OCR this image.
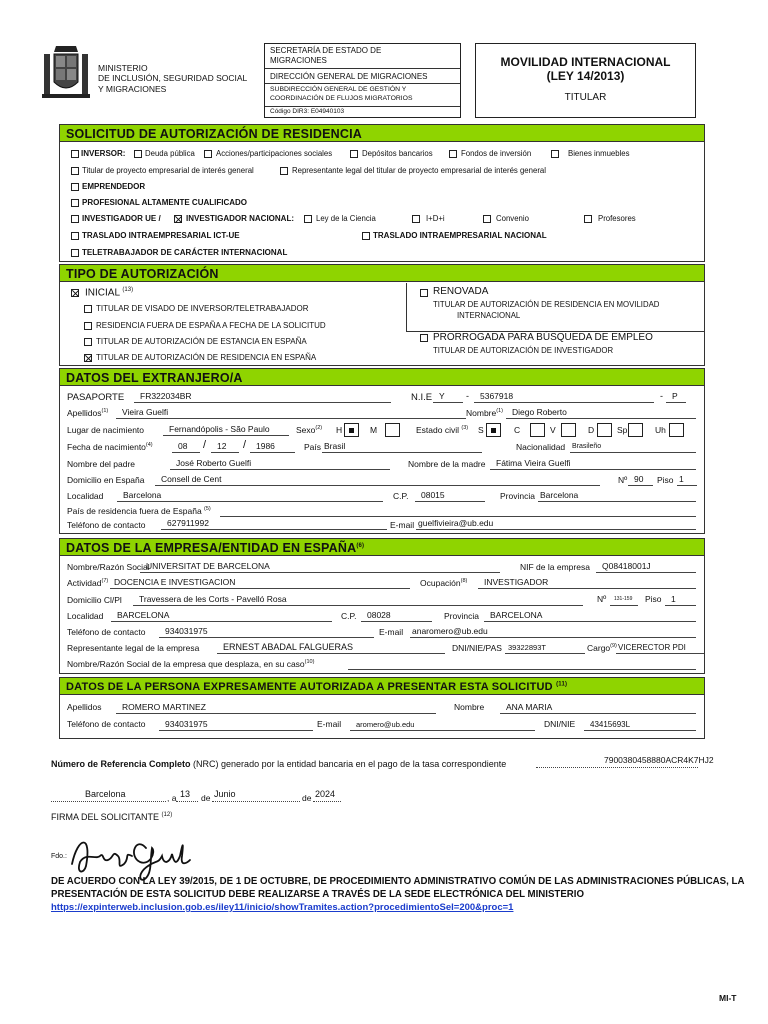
MINISTERIO
DE INCLUSIÓN, SEGURIDAD SOCIAL
Y MIGRACIONES
SECRETARÍA DE ESTADO DE
MIGRACIONES
DIRECCIÓN GENERAL DE MIGRACIONES
SUBDIRECCIÓN GENERAL DE GESTIÓN Y
COORDINACIÓN DE FLUJOS MIGRATORIOS
Código DIR3: E04940103
MOVILIDAD INTERNACIONAL
(LEY 14/2013)
TITULAR
SOLICITUD DE AUTORIZACIÓN DE RESIDENCIA
INVERSOR:	Deuda pública	Acciones/participaciones sociales	Depósitos bancarios	Fondos de inversión	Bienes inmuebles
Titular de proyecto empresarial de interés general	Representante legal del titular de proyecto empresarial de interés general
EMPRENDEDOR
PROFESIONAL ALTAMENTE CUALIFICADO
INVESTIGADOR UE /	INVESTIGADOR NACIONAL:	Ley de la Ciencia	I+D+i	Convenio	Profesores
TRASLADO INTRAEMPRESARIAL ICT-UE	TRASLADO INTRAEMPRESARIAL NACIONAL
TELETRABAJADOR DE CARÁCTER INTERNACIONAL
TIPO DE AUTORIZACIÓN
INICIAL $^{(13)}$
TITULAR DE VISADO DE INVERSOR/TELETRABAJADOR
RESIDENCIA FUERA DE ESPAÑA A FECHA DE LA SOLICITUD
TITULAR DE AUTORIZACIÓN DE ESTANCIA EN ESPAÑA
TITULAR DE AUTORIZACIÓN DE RESIDENCIA EN ESPAÑA
RENOVADA
TITULAR DE AUTORIZACIÓN DE RESIDENCIA EN MOVILIDAD
INTERNACIONAL
PRORROGADA PARA BÚSQUEDA DE EMPLEO
TITULAR DE AUTORIZACIÓN DE INVESTIGADOR
DATOS DEL EXTRANJERO/A
PASAPORTE	FR322034BR	N.I.E Y	-	5367918	-	P
Apellidos$^{(1)}$	Vieira Guelfi	Nombre$^{(1)}$	Diego Roberto
Lugar de nacimiento	Fernandópolis - São Paulo	Sexo$^{(2)}$ H	M	Estado civil $^{(3)}$ S	C	V	D	Sp	Uh
Fecha de nacimiento$^{(4)}$	08	/	12	/	1986	País Brasil	Nacionalidad Brasileño
Nombre del padre	José Roberto Guelfi	Nombre de la madre	Fátima Vieira Guelfi
Domicilio en España	Consell de Cent	Nº 90	Piso 1
Localidad	Barcelona	C.P.	08015	Provincia Barcelona
País de residencia fuera de España $^{(5)}$
Teléfono de contacto	627911992	E-mail guelfivieira@ub.edu
DATOS DE LA EMPRESA/ENTIDAD EN ESPAÑA$^{(6)}$
Nombre/Razón Social
UNIVERSITAT DE BARCELONA	NIF de la empresa	Q08418001J
Actividad$^{(7)}$ DOCENCIA E INVESTIGACION	Ocupación$^{(8)}$	INVESTIGADOR
Domicilio Cl/Pl	Travessera de les Corts - Pavelló Rosa	Nº	131-159	Piso	1
Localidad	BARCELONA	C.P.	08028	Provincia	BARCELONA
Teléfono de contacto	934031975	E-mail anaromero@ub.edu
Representante legal de la empresa	ERNEST ABADAL FALGUERAS	DNI/NIE/PAS 39322893T	Cargo$^{(9)}$ VICERECTOR PDI
Nombre/Razón Social de la empresa que desplaza, en su caso$^{(10)}$
DATOS DE LA PERSONA EXPRESAMENTE AUTORIZADA A PRESENTAR ESTA SOLICITUD $^{(11)}$
Apellidos	ROMERO MARTINEZ	Nombre	ANA MARIA
Teléfono de contacto	934031975	E-mail	aromero@ub.edu	DNI/NIE	43415693L
Número de Referencia Completo (NRC) generado por la entidad bancaria en el pago de la tasa correspondiente	7900380458880ACR4K7HJ2
Barcelona	, a 13 de Junio	de 2024
FIRMA DEL SOLICITANTE $^{(12)}$
Fdo.:
DE ACUERDO CON LA LEY 39/2015, DE 1 DE OCTUBRE, DE PROCEDIMIENTO ADMINISTRATIVO COMÚN DE LAS ADMINISTRACIONES PÚBLICAS, LA
PRESENTACIÓN DE ESTA SOLICITUD DEBE REALIZARSE A TRAVÉS DE LA SEDE ELECTRÓNICA DEL MINISTERIO
https://expinterweb.inclusion.gob.es/iley11/inicio/showTramites.action?procedimientoSel=200&proc=1
MI-T
